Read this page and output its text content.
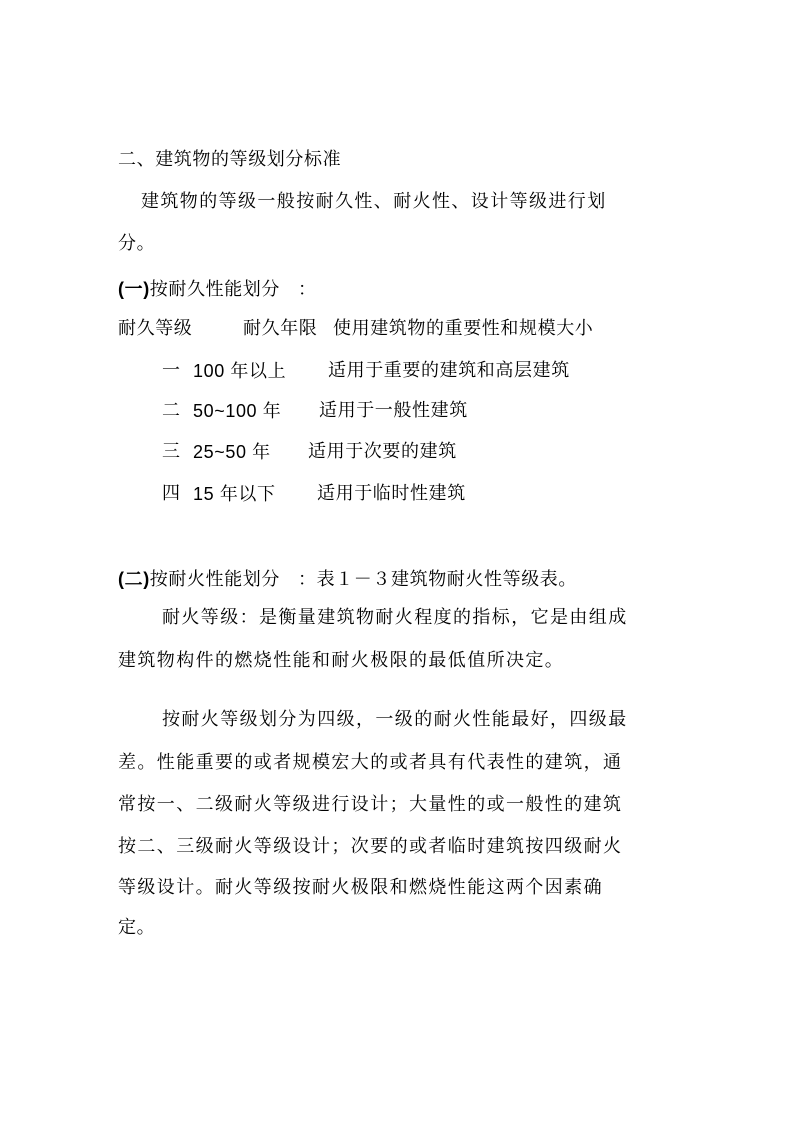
二、建筑物的等级划分标准
建筑物的等级一般按耐久性、耐火性、设计等级进行划
分。
(一)按耐久性能划分 ：
耐久等级	耐久年限 使用建筑物的重要性和规模大小
一 100 年以上 适用于重要的建筑和高层建筑
二 50~100 年 适用于一般性建筑
三 25~50 年 适用于次要的建筑
四 15 年以下 适用于临时性建筑
(二)按耐火性能划分 ：表１－３建筑物耐火性等级表。
耐火等级：是衡量建筑物耐火程度的指标，它是由组成
建筑物构件的燃烧性能和耐火极限的最低值所决定。
按耐火等级划分为四级，一级的耐火性能最好，四级最
差。性能重要的或者规模宏大的或者具有代表性的建筑，通
常按一、二级耐火等级进行设计；大量性的或一般性的建筑
按二、三级耐火等级设计；次要的或者临时建筑按四级耐火
等级设计。耐火等级按耐火极限和燃烧性能这两个因素确
定。
